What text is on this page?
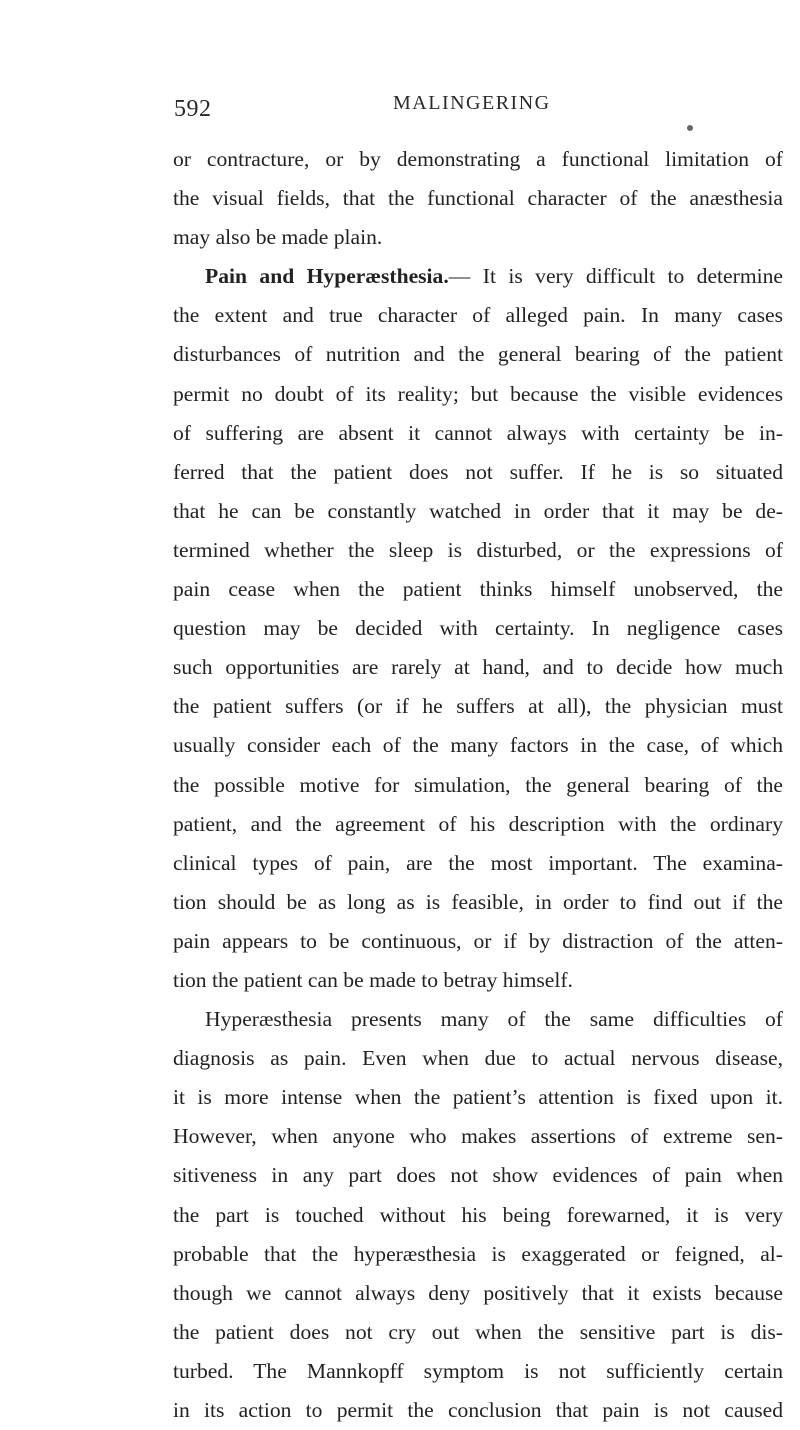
592	MALINGERING
or contracture, or by demonstrating a functional limitation of
the visual fields, that the functional character of the anæsthesia
may also be made plain.
Pain and Hyperæsthesia.— It is very difficult to determine
the extent and true character of alleged pain. In many cases
disturbances of nutrition and the general bearing of the patient
permit no doubt of its reality; but because the visible evidences
of suffering are absent it cannot always with certainty be in-
ferred that the patient does not suffer. If he is so situated
that he can be constantly watched in order that it may be de-
termined whether the sleep is disturbed, or the expressions of
pain cease when the patient thinks himself unobserved, the
question may be decided with certainty. In negligence cases
such opportunities are rarely at hand, and to decide how much
the patient suffers (or if he suffers at all), the physician must
usually consider each of the many factors in the case, of which
the possible motive for simulation, the general bearing of the
patient, and the agreement of his description with the ordinary
clinical types of pain, are the most important. The examina-
tion should be as long as is feasible, in order to find out if the
pain appears to be continuous, or if by distraction of the atten-
tion the patient can be made to betray himself.
Hyperæsthesia presents many of the same difficulties of
diagnosis as pain. Even when due to actual nervous disease,
it is more intense when the patient’s attention is fixed upon it.
However, when anyone who makes assertions of extreme sen-
sitiveness in any part does not show evidences of pain when
the part is touched without his being forewarned, it is very
probable that the hyperæsthesia is exaggerated or feigned, al-
though we cannot always deny positively that it exists because
the patient does not cry out when the sensitive part is dis-
turbed. The Mannkopff symptom is not sufficiently certain
in its action to permit the conclusion that pain is not caused
